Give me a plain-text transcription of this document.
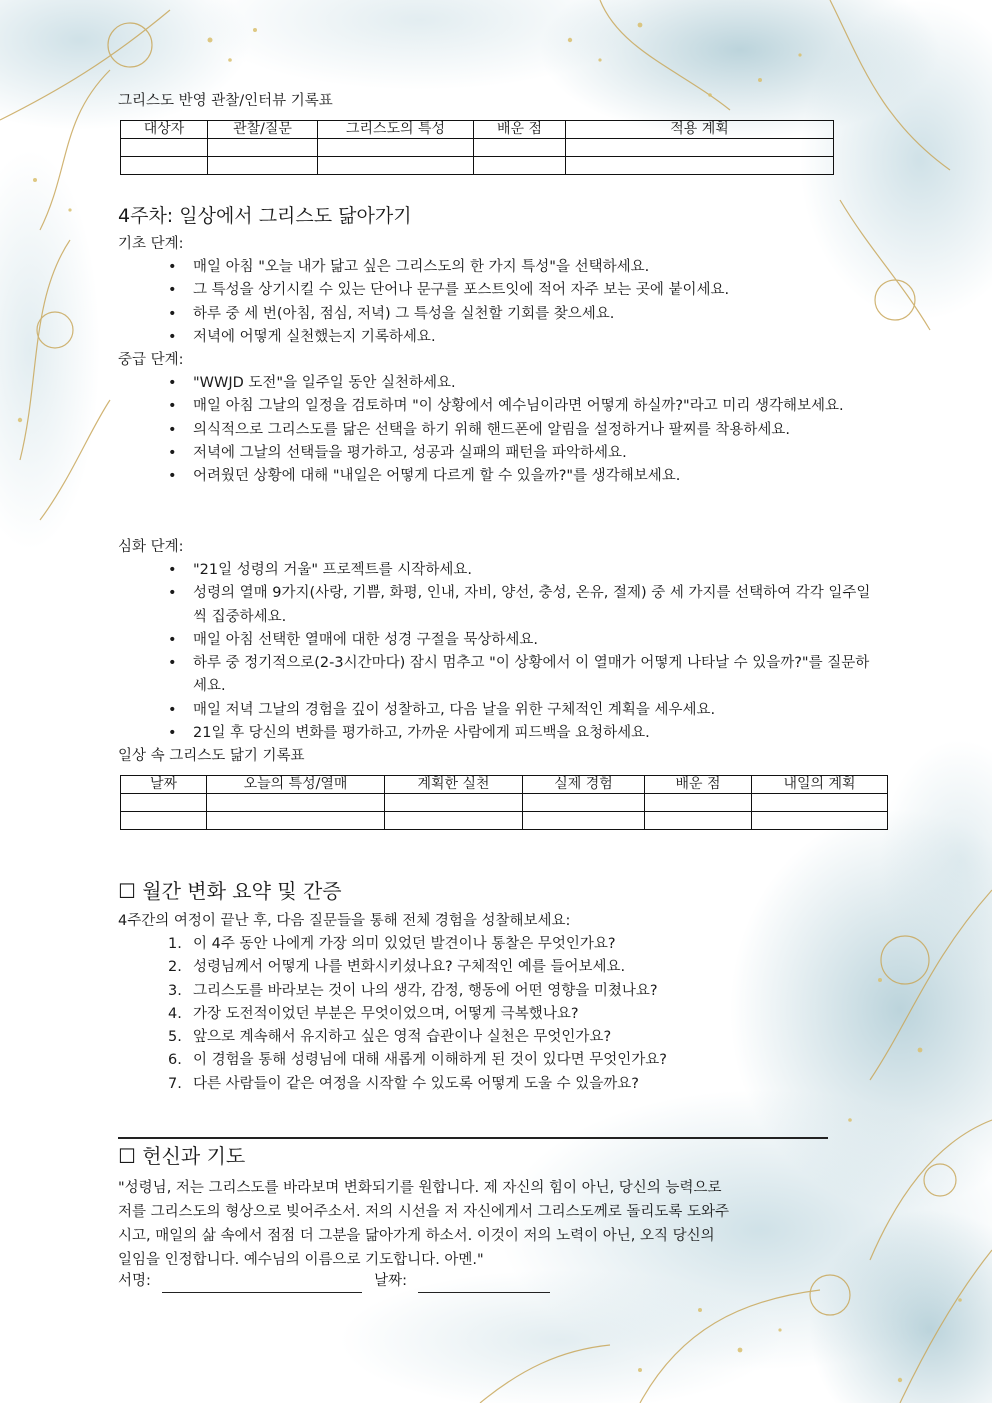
그리스도 반영 관찰/인터뷰 기록표
대상자	관찰/질문	그리스도의 특성	배운 점	적용 계획

4주차: 일상에서 그리스도 닮아가기
기초 단계:
• 매일 아침 "오늘 내가 닮고 싶은 그리스도의 한 가지 특성"을 선택하세요.
• 그 특성을 상기시킬 수 있는 단어나 문구를 포스트잇에 적어 자주 보는 곳에 붙이세요.
• 하루 중 세 번(아침, 점심, 저녁) 그 특성을 실천할 기회를 찾으세요.
• 저녁에 어떻게 실천했는지 기록하세요.
중급 단계:
• "WWJD 도전"을 일주일 동안 실천하세요.
• 매일 아침 그날의 일정을 검토하며 "이 상황에서 예수님이라면 어떻게 하실까?"라고 미리 생각해보세요.
• 의식적으로 그리스도를 닮은 선택을 하기 위해 핸드폰에 알림을 설정하거나 팔찌를 착용하세요.
• 저녁에 그날의 선택들을 평가하고, 성공과 실패의 패턴을 파악하세요.
• 어려웠던 상황에 대해 "내일은 어떻게 다르게 할 수 있을까?"를 생각해보세요.
심화 단계:
• "21일 성령의 거울" 프로젝트를 시작하세요.
• 성령의 열매 9가지(사랑, 기쁨, 화평, 인내, 자비, 양선, 충성, 온유, 절제) 중 세 가지를 선택하여 각각 일주일씩 집중하세요.
• 매일 아침 선택한 열매에 대한 성경 구절을 묵상하세요.
• 하루 중 정기적으로(2-3시간마다) 잠시 멈추고 "이 상황에서 이 열매가 어떻게 나타날 수 있을까?"를 질문하세요.
• 매일 저녁 그날의 경험을 깊이 성찰하고, 다음 날을 위한 구체적인 계획을 세우세요.
• 21일 후 당신의 변화를 평가하고, 가까운 사람에게 피드백을 요청하세요.
일상 속 그리스도 닮기 기록표
날짜	오늘의 특성/열매	계획한 실천	실제 경험	배운 점	내일의 계획

☐ 월간 변화 요약 및 간증
4주간의 여정이 끝난 후, 다음 질문들을 통해 전체 경험을 성찰해보세요:
1. 이 4주 동안 나에게 가장 의미 있었던 발견이나 통찰은 무엇인가요?
2. 성령님께서 어떻게 나를 변화시키셨나요? 구체적인 예를 들어보세요.
3. 그리스도를 바라보는 것이 나의 생각, 감정, 행동에 어떤 영향을 미쳤나요?
4. 가장 도전적이었던 부분은 무엇이었으며, 어떻게 극복했나요?
5. 앞으로 계속해서 유지하고 싶은 영적 습관이나 실천은 무엇인가요?
6. 이 경험을 통해 성령님에 대해 새롭게 이해하게 된 것이 있다면 무엇인가요?
7. 다른 사람들이 같은 여정을 시작할 수 있도록 어떻게 도울 수 있을까요?
☐ 헌신과 기도
"성령님, 저는 그리스도를 바라보며 변화되기를 원합니다. 제 자신의 힘이 아닌, 당신의 능력으로
저를 그리스도의 형상으로 빚어주소서. 저의 시선을 저 자신에게서 그리스도께로 돌리도록 도와주
시고, 매일의 삶 속에서 점점 더 그분을 닮아가게 하소서. 이것이 저의 노력이 아닌, 오직 당신의
일임을 인정합니다. 예수님의 이름으로 기도합니다. 아멘."
서명:	날짜:
